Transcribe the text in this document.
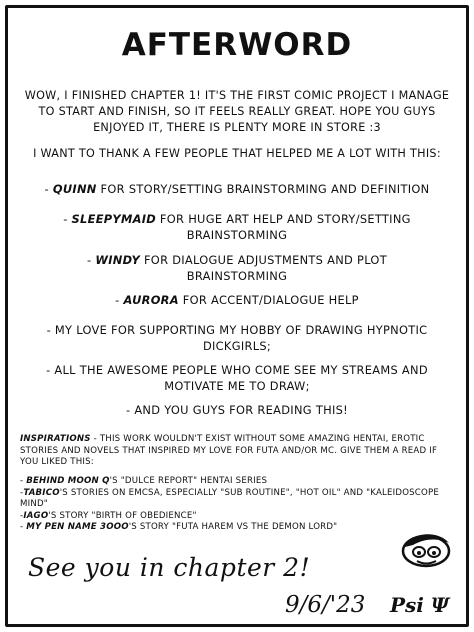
AFTERWORD
WOW, I FINISHED CHAPTER 1! IT'S THE FIRST COMIC PROJECT I MANAGE TO START AND FINISH, SO IT FEELS REALLY GREAT. HOPE YOU GUYS ENJOYED IT, THERE IS PLENTY MORE IN STORE :3
I WANT TO THANK A FEW PEOPLE THAT HELPED ME A LOT WITH THIS:
- QUINN FOR STORY/SETTING BRAINSTORMING AND DEFINITION
- SLEEPYMAID FOR HUGE ART HELP AND STORY/SETTING BRAINSTORMING
- WINDY FOR DIALOGUE ADJUSTMENTS AND PLOT BRAINSTORMING
- AURORA FOR ACCENT/DIALOGUE HELP
- MY LOVE FOR SUPPORTING MY HOBBY OF DRAWING HYPNOTIC DICKGIRLS;
- ALL THE AWESOME PEOPLE WHO COME SEE MY STREAMS AND MOTIVATE ME TO DRAW;
- AND YOU GUYS FOR READING THIS!
INSPIRATIONS - THIS WORK WOULDN'T EXIST WITHOUT SOME AMAZING HENTAI, EROTIC STORIES AND NOVELS THAT INSPIRED MY LOVE FOR FUTA AND/OR MC. GIVE THEM A READ IF YOU LIKED THIS:
- BEHIND MOON Q'S "DULCE REPORT" HENTAI SERIES
-TABICO'S STORIES ON EMCSA, ESPECIALLY "SUB ROUTINE", "HOT OIL" AND "KALEIDOSCOPE MIND"
-IAGO'S STORY "BIRTH OF OBEDIENCE"
- MY PEN NAME 3OOO'S STORY "FUTA HAREM VS THE DEMON LORD"
See you in chapter 2!
9/6/'23 Psi Ψ
